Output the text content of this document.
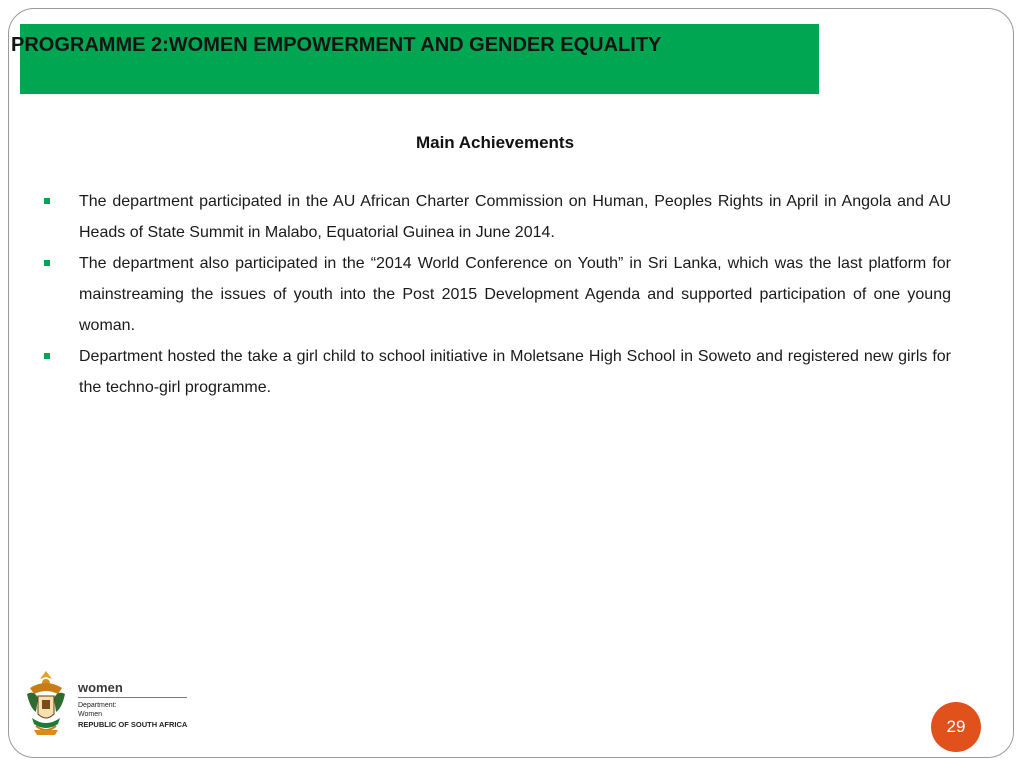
PROGRAMME 2:WOMEN EMPOWERMENT AND GENDER EQUALITY
Main Achievements
The department participated in the AU African Charter Commission on Human, Peoples Rights in April in Angola and AU Heads of State Summit in Malabo, Equatorial Guinea in June 2014.
The department also participated in the “2014 World Conference on Youth” in Sri Lanka, which was the last platform for mainstreaming the issues of youth into the Post 2015 Development Agenda and supported participation of one young woman.
Department hosted the take a girl child to school initiative in Moletsane High School in Soweto and registered new girls for the techno-girl programme.
women
Department:
Women
REPUBLIC OF SOUTH AFRICA	29
